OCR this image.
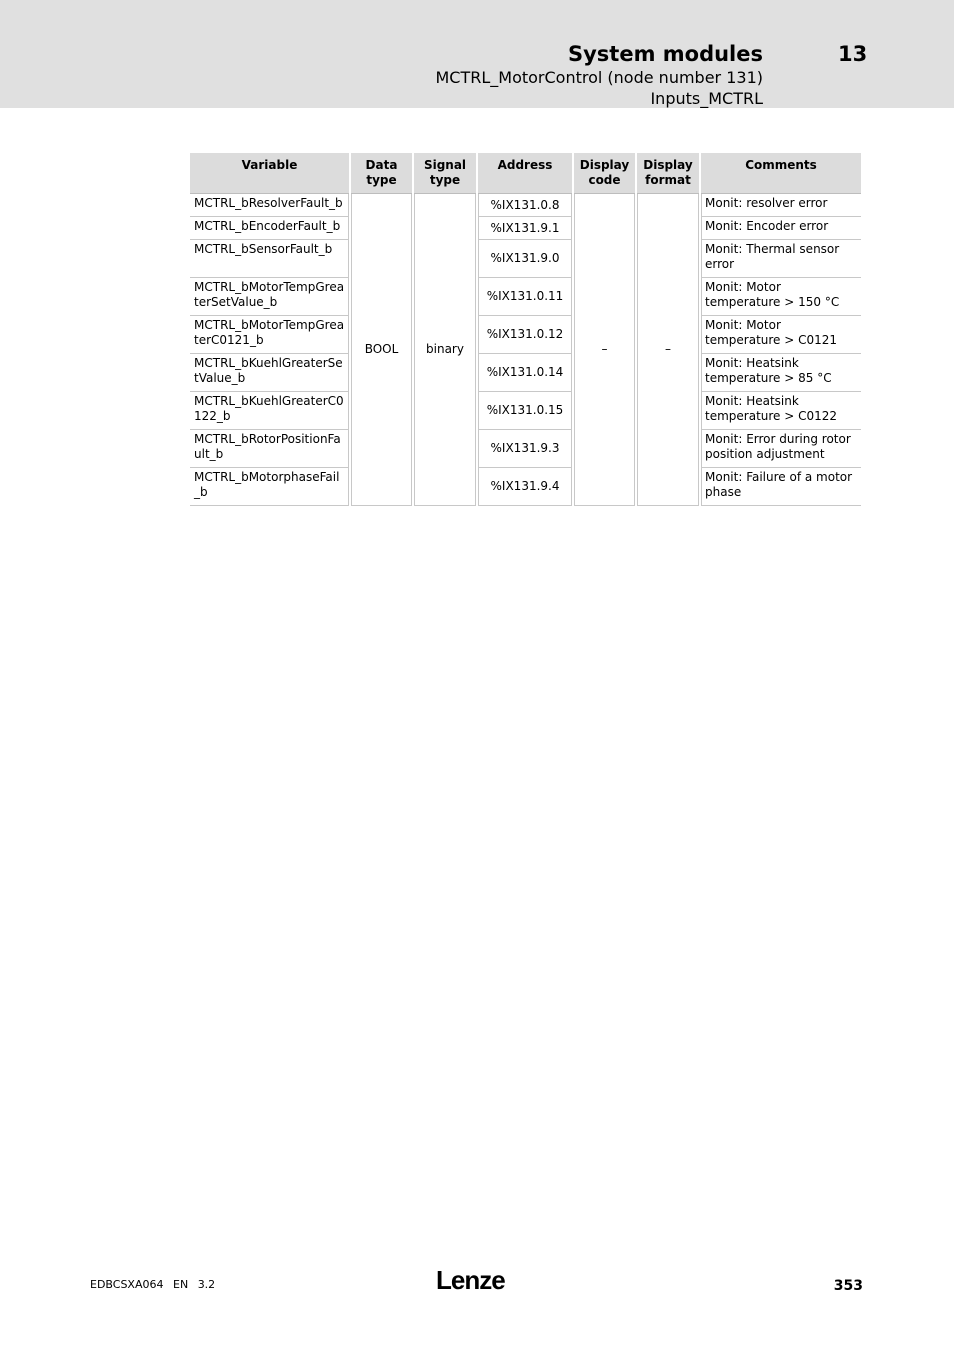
System modules	13
MCTRL_MotorControl (node number 131)
Inputs_MCTRL
Variable	Data type	Signal type	Address	Display code	Display format	Comments
MCTRL_bResolverFault_b	BOOL	binary	%IX131.0.8	–	–	Monit: resolver error
MCTRL_bEncoderFault_b			%IX131.9.1			Monit: Encoder error
MCTRL_bSensorFault_b			%IX131.9.0			Monit: Thermal sensor error
MCTRL_bMotorTempGreaterSetValue_b			%IX131.0.11			Monit: Motor temperature > 150 °C
MCTRL_bMotorTempGreaterC0121_b			%IX131.0.12			Monit: Motor temperature > C0121
MCTRL_bKuehlGreaterSetValue_b			%IX131.0.14			Monit: Heatsink temperature > 85 °C
MCTRL_bKuehlGreaterC0122_b			%IX131.0.15			Monit: Heatsink temperature > C0122
MCTRL_bRotorPositionFault_b			%IX131.9.3			Monit: Error during rotor position adjustment
MCTRL_bMotorphaseFail_b			%IX131.9.4			Monit: Failure of a motor phase
EDBCSXA064 EN 3.2	Lenze	353
